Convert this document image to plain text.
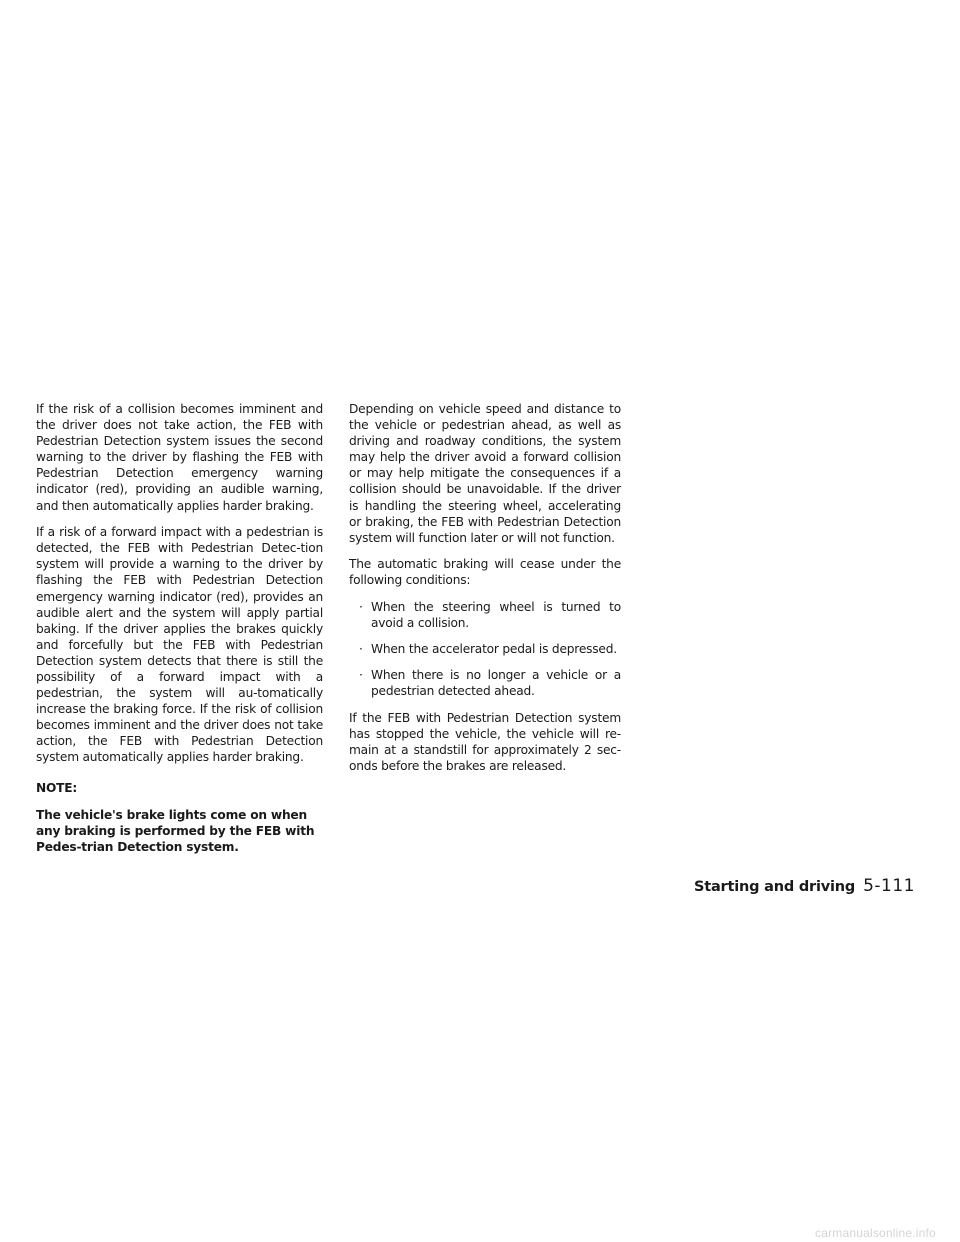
If the risk of a collision becomes imminent and the driver does not take action, the FEB with Pedestrian Detection system issues the second warning to the driver by flashing the FEB with Pedestrian Detection emergency warning indicator (red), providing an audible warning, and then automatically applies harder braking.

If a risk of a forward impact with a pedestrian is detected, the FEB with Pedestrian Detec-tion system will provide a warning to the driver by flashing the FEB with Pedestrian Detection emergency warning indicator (red), provides an audible alert and the system will apply partial baking. If the driver applies the brakes quickly and forcefully but the FEB with Pedestrian Detection system detects that there is still the possibility of a forward impact with a pedestrian, the system will au-tomatically increase the braking force. If the risk of collision becomes imminent and the driver does not take action, the FEB with Pedestrian Detection system automatically applies harder braking.

NOTE:

The vehicle's brake lights come on when any braking is performed by the FEB with Pedes-trian Detection system.

Depending on vehicle speed and distance to the vehicle or pedestrian ahead, as well as driving and roadway conditions, the system may help the driver avoid a forward collision or may help mitigate the consequences if a collision should be unavoidable. If the driver is handling the steering wheel, accelerating or braking, the FEB with Pedestrian Detection system will function later or will not function.

The automatic braking will cease under the following conditions:

· When the steering wheel is turned to avoid a collision.
· When the accelerator pedal is depressed.
· When there is no longer a vehicle or a pedestrian detected ahead.

If the FEB with Pedestrian Detection system has stopped the vehicle, the vehicle will re-main at a standstill for approximately 2 sec-onds before the brakes are released.

Starting and driving 5-111
carmanualsonline.info
